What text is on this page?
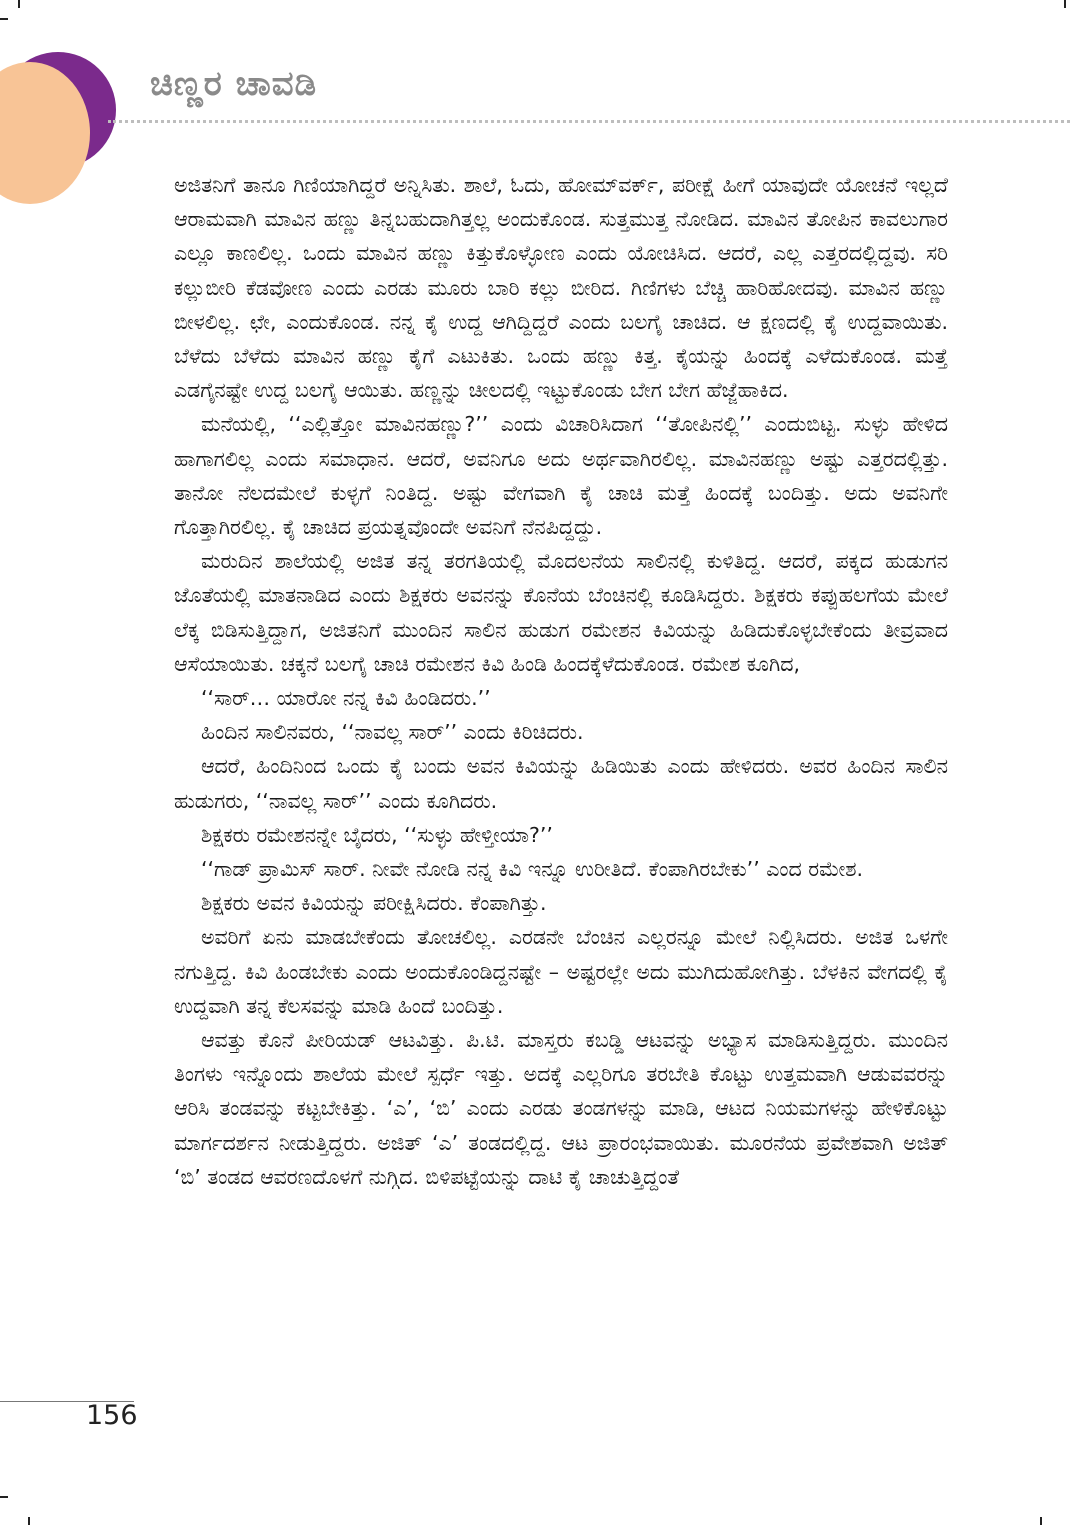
ಚಿಣ್ಣರ ಚಾವಡಿ

ಅಜಿತನಿಗೆ ತಾನೂ ಗಿಣಿಯಾಗಿದ್ದರೆ ಅನ್ನಿಸಿತು. ಶಾಲೆ, ಓದು, ಹೋಮ್‌ವರ್ಕ್, ಪರೀಕ್ಷೆ ಹೀಗೆ ಯಾವುದೇ ಯೋಚನೆ ಇಲ್ಲದೆ ಆರಾಮವಾಗಿ ಮಾವಿನ ಹಣ್ಣು ತಿನ್ನಬಹುದಾಗಿತ್ತಲ್ಲ ಅಂದುಕೊಂಡ. ಸುತ್ತಮುತ್ತ ನೋಡಿದ. ಮಾವಿನ ತೋಪಿನ ಕಾವಲುಗಾರ ಎಲ್ಲೂ ಕಾಣಲಿಲ್ಲ. ಒಂದು ಮಾವಿನ ಹಣ್ಣು ಕಿತ್ತುಕೊಳ್ಳೋಣ ಎಂದು ಯೋಚಿಸಿದ. ಆದರೆ, ಎಲ್ಲ ಎತ್ತರದಲ್ಲಿದ್ದವು. ಸರಿ ಕಲ್ಲುಬೀರಿ ಕೆಡವೋಣ ಎಂದು ಎರಡು ಮೂರು ಬಾರಿ ಕಲ್ಲು ಬೀರಿದ. ಗಿಣಿಗಳು ಬೆಚ್ಚಿ ಹಾರಿಹೋದವು. ಮಾವಿನ ಹಣ್ಣು ಬೀಳಲಿಲ್ಲ. ಛೇ, ಎಂದುಕೊಂಡ. ನನ್ನ ಕೈ ಉದ್ದ ಆಗಿದ್ದಿದ್ದರೆ ಎಂದು ಬಲಗೈ ಚಾಚಿದ. ಆ ಕ್ಷಣದಲ್ಲಿ ಕೈ ಉದ್ದವಾಯಿತು. ಬೆಳೆದು ಬೆಳೆದು ಮಾವಿನ ಹಣ್ಣು ಕೈಗೆ ಎಟುಕಿತು. ಒಂದು ಹಣ್ಣು ಕಿತ್ತ. ಕೈಯನ್ನು ಹಿಂದಕ್ಕೆ ಎಳೆದುಕೊಂಡ. ಮತ್ತೆ ಎಡಗೈನಷ್ಟೇ ಉದ್ದ ಬಲಗೈ ಆಯಿತು. ಹಣ್ಣನ್ನು ಚೀಲದಲ್ಲಿ ಇಟ್ಟುಕೊಂಡು ಬೇಗ ಬೇಗ ಹೆಜ್ಜೆಹಾಕಿದ.

ಮನೆಯಲ್ಲಿ, ‘‘ಎಲ್ಲಿತ್ತೋ ಮಾವಿನಹಣ್ಣು?’’ ಎಂದು ವಿಚಾರಿಸಿದಾಗ ‘‘ತೋಪಿನಲ್ಲಿ’’ ಎಂದುಬಿಟ್ಟ. ಸುಳ್ಳು ಹೇಳಿದ ಹಾಗಾಗಲಿಲ್ಲ ಎಂದು ಸಮಾಧಾನ. ಆದರೆ, ಅವನಿಗೂ ಅದು ಅರ್ಥವಾಗಿರಲಿಲ್ಲ. ಮಾವಿನಹಣ್ಣು ಅಷ್ಟು ಎತ್ತರದಲ್ಲಿತ್ತು. ತಾನೋ ನೆಲದಮೇಲೆ ಕುಳ್ಳಗೆ ನಿಂತಿದ್ದ. ಅಷ್ಟು ವೇಗವಾಗಿ ಕೈ ಚಾಚಿ ಮತ್ತೆ ಹಿಂದಕ್ಕೆ ಬಂದಿತ್ತು. ಅದು ಅವನಿಗೇ ಗೊತ್ತಾಗಿರಲಿಲ್ಲ. ಕೈ ಚಾಚಿದ ಪ್ರಯತ್ನವೊಂದೇ ಅವನಿಗೆ ನೆನಪಿದ್ದದ್ದು.

ಮರುದಿನ ಶಾಲೆಯಲ್ಲಿ ಅಜಿತ ತನ್ನ ತರಗತಿಯಲ್ಲಿ ಮೊದಲನೆಯ ಸಾಲಿನಲ್ಲಿ ಕುಳಿತಿದ್ದ. ಆದರೆ, ಪಕ್ಕದ ಹುಡುಗನ ಜೊತೆಯಲ್ಲಿ ಮಾತನಾಡಿದ ಎಂದು ಶಿಕ್ಷಕರು ಅವನನ್ನು ಕೊನೆಯ ಬೆಂಚಿನಲ್ಲಿ ಕೂಡಿಸಿದ್ದರು. ಶಿಕ್ಷಕರು ಕಪ್ಪುಹಲಗೆಯ ಮೇಲೆ ಲೆಕ್ಕ ಬಿಡಿಸುತ್ತಿದ್ದಾಗ, ಅಜಿತನಿಗೆ ಮುಂದಿನ ಸಾಲಿನ ಹುಡುಗ ರಮೇಶನ ಕಿವಿಯನ್ನು ಹಿಡಿದುಕೊಳ್ಳಬೇಕೆಂದು ತೀವ್ರವಾದ ಆಸೆಯಾಯಿತು. ಚಕ್ಕನೆ ಬಲಗೈ ಚಾಚಿ ರಮೇಶನ ಕಿವಿ ಹಿಂಡಿ ಹಿಂದಕ್ಕೆಳೆದುಕೊಂಡ. ರಮೇಶ ಕೂಗಿದ,

‘‘ಸಾರ್… ಯಾರೋ ನನ್ನ ಕಿವಿ ಹಿಂಡಿದರು.’’

ಹಿಂದಿನ ಸಾಲಿನವರು, ‘‘ನಾವಲ್ಲ ಸಾರ್’’ ಎಂದು ಕಿರಿಚಿದರು.

ಆದರೆ, ಹಿಂದಿನಿಂದ ಒಂದು ಕೈ ಬಂದು ಅವನ ಕಿವಿಯನ್ನು ಹಿಡಿಯಿತು ಎಂದು ಹೇಳಿದರು. ಅವರ ಹಿಂದಿನ ಸಾಲಿನ ಹುಡುಗರು, ‘‘ನಾವಲ್ಲ ಸಾರ್’’ ಎಂದು ಕೂಗಿದರು.

ಶಿಕ್ಷಕರು ರಮೇಶನನ್ನೇ ಬೈದರು, ‘‘ಸುಳ್ಳು ಹೇಳ್ತೀಯಾ?’’

‘‘ಗಾಡ್ ಪ್ರಾಮಿಸ್ ಸಾರ್. ನೀವೇ ನೋಡಿ ನನ್ನ ಕಿವಿ ಇನ್ನೂ ಉರೀತಿದೆ. ಕೆಂಪಾಗಿರಬೇಕು’’ ಎಂದ ರಮೇಶ.

ಶಿಕ್ಷಕರು ಅವನ ಕಿವಿಯನ್ನು ಪರೀಕ್ಷಿಸಿದರು. ಕೆಂಪಾಗಿತ್ತು.

ಅವರಿಗೆ ಏನು ಮಾಡಬೇಕೆಂದು ತೋಚಲಿಲ್ಲ. ಎರಡನೇ ಬೆಂಚಿನ ಎಲ್ಲರನ್ನೂ ಮೇಲೆ ನಿಲ್ಲಿಸಿದರು. ಅಜಿತ ಒಳಗೇ ನಗುತ್ತಿದ್ದ. ಕಿವಿ ಹಿಂಡಬೇಕು ಎಂದು ಅಂದುಕೊಂಡಿದ್ದನಷ್ಟೇ – ಅಷ್ಟರಲ್ಲೇ ಅದು ಮುಗಿದುಹೋಗಿತ್ತು. ಬೆಳಕಿನ ವೇಗದಲ್ಲಿ ಕೈ ಉದ್ದವಾಗಿ ತನ್ನ ಕೆಲಸವನ್ನು ಮಾಡಿ ಹಿಂದೆ ಬಂದಿತ್ತು.

ಆವತ್ತು ಕೊನೆ ಪೀರಿಯಡ್ ಆಟವಿತ್ತು. ಪಿ.ಟಿ. ಮಾಸ್ತರು ಕಬಡ್ಡಿ ಆಟವನ್ನು ಅಭ್ಯಾಸ ಮಾಡಿಸುತ್ತಿದ್ದರು. ಮುಂದಿನ ತಿಂಗಳು ಇನ್ನೊಂದು ಶಾಲೆಯ ಮೇಲೆ ಸ್ಪರ್ಧೆ ಇತ್ತು. ಅದಕ್ಕೆ ಎಲ್ಲರಿಗೂ ತರಬೇತಿ ಕೊಟ್ಟು ಉತ್ತಮವಾಗಿ ಆಡುವವರನ್ನು ಆರಿಸಿ ತಂಡವನ್ನು ಕಟ್ಟಬೇಕಿತ್ತು. ‘ಎ’, ‘ಬಿ’ ಎಂದು ಎರಡು ತಂಡಗಳನ್ನು ಮಾಡಿ, ಆಟದ ನಿಯಮಗಳನ್ನು ಹೇಳಿಕೊಟ್ಟು ಮಾರ್ಗದರ್ಶನ ನೀಡುತ್ತಿದ್ದರು. ಅಜಿತ್ ‘ಎ’ ತಂಡದಲ್ಲಿದ್ದ. ಆಟ ಪ್ರಾರಂಭವಾಯಿತು. ಮೂರನೆಯ ಪ್ರವೇಶವಾಗಿ ಅಜಿತ್ ‘ಬಿ’ ತಂಡದ ಆವರಣದೊಳಗೆ ನುಗ್ಗಿದ. ಬಿಳಿಪಟ್ಟೆಯನ್ನು ದಾಟಿ ಕೈ ಚಾಚುತ್ತಿದ್ದಂತೆ

156
